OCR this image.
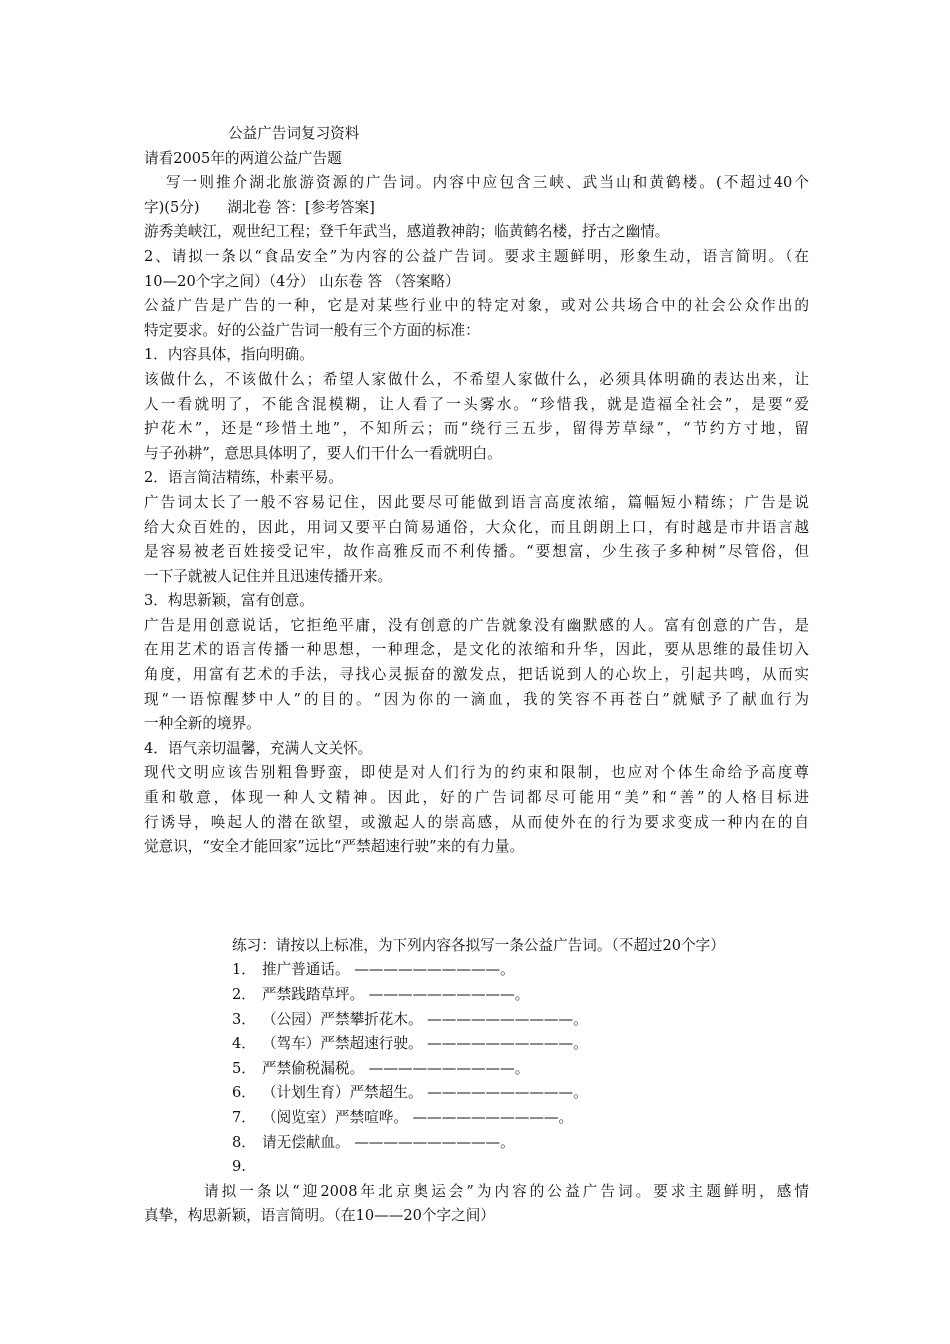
公益广告词复习资料
请看2005年的两道公益广告题
写一则推介湖北旅游资源的广告词。内容中应包含三峡、武当山和黄鹤楼。(不超过40个
字)(5分)      湖北卷 答：[参考答案]
游秀美峡江，观世纪工程；登千年武当，感道教神韵；临黄鹤名楼，抒古之幽情。
2、请拟一条以“食品安全”为内容的公益广告词。要求主题鲜明，形象生动，语言简明。（在
10—20个字之间）（4分） 山东卷 答 （答案略）
公益广告是广告的一种，它是对某些行业中的特定对象，或对公共场合中的社会公众作出的
特定要求。好的公益广告词一般有三个方面的标准：
1．内容具体，指向明确。
该做什么，不该做什么；希望人家做什么，不希望人家做什么，必须具体明确的表达出来，让
人一看就明了，不能含混模糊，让人看了一头雾水。“珍惜我，就是造福全社会”，是要“爱
护花木”，还是“珍惜土地”，不知所云；而“绕行三五步，留得芳草绿”，“节约方寸地，留
与子孙耕”，意思具体明了，要人们干什么一看就明白。
2．语言简洁精练，朴素平易。
广告词太长了一般不容易记住，因此要尽可能做到语言高度浓缩，篇幅短小精练；广告是说
给大众百姓的，因此，用词又要平白简易通俗，大众化，而且朗朗上口，有时越是市井语言越
是容易被老百姓接受记牢，故作高雅反而不利传播。“要想富，少生孩子多种树”尽管俗，但
一下子就被人记住并且迅速传播开来。
3．构思新颖，富有创意。
广告是用创意说话，它拒绝平庸，没有创意的广告就象没有幽默感的人。富有创意的广告，是
在用艺术的语言传播一种思想，一种理念，是文化的浓缩和升华，因此，要从思维的最佳切入
角度，用富有艺术的手法，寻找心灵振奋的激发点，把话说到人的心坎上，引起共鸣，从而实
现“一语惊醒梦中人”的目的。“因为你的一滴血，我的笑容不再苍白”就赋予了献血行为
一种全新的境界。
4．语气亲切温馨，充满人文关怀。
现代文明应该告别粗鲁野蛮，即使是对人们行为的约束和限制，也应对个体生命给予高度尊
重和敬意，体现一种人文精神。因此，好的广告词都尽可能用“美”和“善”的人格目标进
行诱导，唤起人的潜在欲望，或激起人的崇高感，从而使外在的行为要求变成一种内在的自
觉意识，“安全才能回家”远比“严禁超速行驶”来的有力量。
练习：请按以上标准，为下列内容各拟写一条公益广告词。（不超过20个字）
1． 推广普通话。 ——————————。
2． 严禁践踏草坪。 ——————————。
3． （公园）严禁攀折花木。 ——————————。
4． （驾车）严禁超速行驶。 ——————————。
5． 严禁偷税漏税。 ——————————。
6． （计划生育）严禁超生。 ——————————。
7． （阅览室）严禁喧哗。 ——————————。
8． 请无偿献血。 ——————————。
9.
请拟一条以“迎2008年北京奥运会”为内容的公益广告词。要求主题鲜明，感情
真挚，构思新颖，语言简明。（在10——20个字之间）
